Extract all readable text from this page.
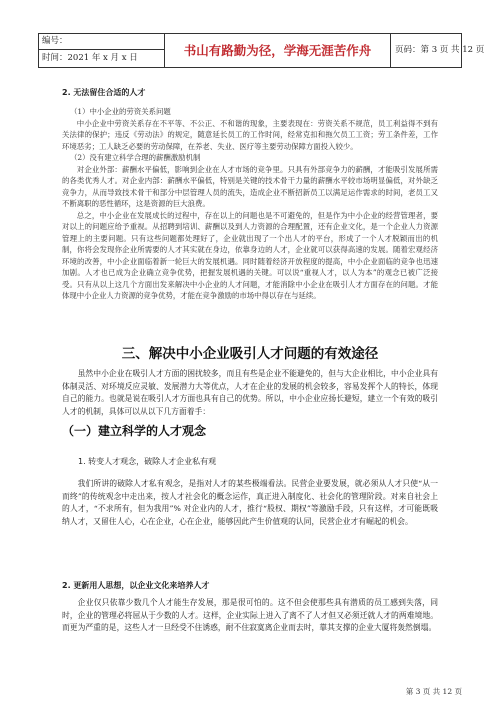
编号：
时间：2021 年 x 月 x 日	书山有路勤为径，学海无涯苦作舟	页码：第 3 页 共 12 页
2. 无法留住合适的人才

（1）中小企业的劳资关系问题

中小企业中劳资关系存在不平等、不公正、不和谐的现象，主要表现在：劳资关系不规范，员工利益得不到有关法律的保护；违反《劳动法》的规定，随意延长员工的工作时间，经常克扣和拖欠员工工资；劳工条件差，工作环境恶劣；工人缺乏必要的劳动保障，在养老、失业、医疗等主要劳动保障方面投入较少。

（2）没有建立科学合理的薪酬激励机制

对企业外部：薪酬水平偏低，影响到企业在人才市场的竞争里。只具有外部竞争力的薪酬，才能吸引发展所需的各类优秀人才。对企业内部：薪酬水平偏低，特别是关键的技术骨干力量的薪酬水平较市场明显偏低，对外缺乏竞争力，从而导致技术骨干和部分中层管理人员的流失，造成企业不断招新员工以满足运作需求的时间，老员工又不断离职的恶性循环，这是资源的巨大浪费。

总之，中小企业在发展成长的过程中，存在以上的问题也是不可避免的，但是作为中小企业的经营管理者，要对以上的问题应给予重视。从招聘到培训、薪酬以及到人力资源的合理配置，还有企业文化，是一个企业人力资源管理上的主要问题。只有这些问题都处理好了，企业就出现了一个出人才的平台，形成了一个人才脱颖而出的机制，你将会发现你企业所需要的人才其实就在身边，依靠身边的人才，企业就可以获得高速的发展。随着宏观经济环境的改善，中小企业面临着新一轮巨大的发展机遇。同时随着经济开放程度的提高，中小企业面临的竞争也迅速加剧。人才也已成为企业确立竞争优势，把握发展机遇的关键。可以说“重视人才，以人为本”的观念已被广泛接受。只有从以上这几个方面出发来解决中小企业的人才问题，才能消除中小企业在吸引人才方面存在的问题。才能体现中小企业人力资源的竞争优势，才能在竞争激励的市场中得以存在与延续。

三、解决中小企业吸引人才问题的有效途径

虽然中小企业在吸引人才方面的困扰较多，而且有些是企业不能避免的，但与大企业相比，中小企业具有体制灵活、对环境反应灵敏、发展潜力大等优点，人才在企业的发展的机会较多，容易发挥个人的特长，体现自己的能力。也就是说在吸引人才方面也具有自己的优势。所以，中小企业应扬长避短，建立一个有效的吸引人才的机制，具体可以从以下几方面着手：

（一）建立科学的人才观念
1. 转变人才观念，破除人才企业私有观

我们所讲的破除人才私有观念，是指对人才的某些极端看法。民营企业要发展，就必须从人才只使“从一而终”的传统观念中走出来，按人才社会化的概念运作，真正进入制度化、社会化的管理阶段。对来自社会上的人才，“不求所有，但为我用”% 对企业内的人才，推行“股权、期权”等激励手段，只有这样，才可能既吸纳人才，又留住人心，心在企业，心在企业，能够因此产生价值观的认同，民营企业才有崛起的机会。

2. 更新用人思想，以企业文化来培养人才

企业仅只依靠少数几个人才能生存发展，那是很可怕的。这不但会使那些具有潜质的员工感到失落，同时，企业的管理必将屈从于少数的人才。这样，企业实际上进入了离不了人才但又必须迁就人才的两难境地。而更为严重的是，这些人才一旦经受不住诱惑，耐不住寂寞离企业而去时，靠其支撑的企业大厦将轰然倒塌。

第 3 页 共 12 页
